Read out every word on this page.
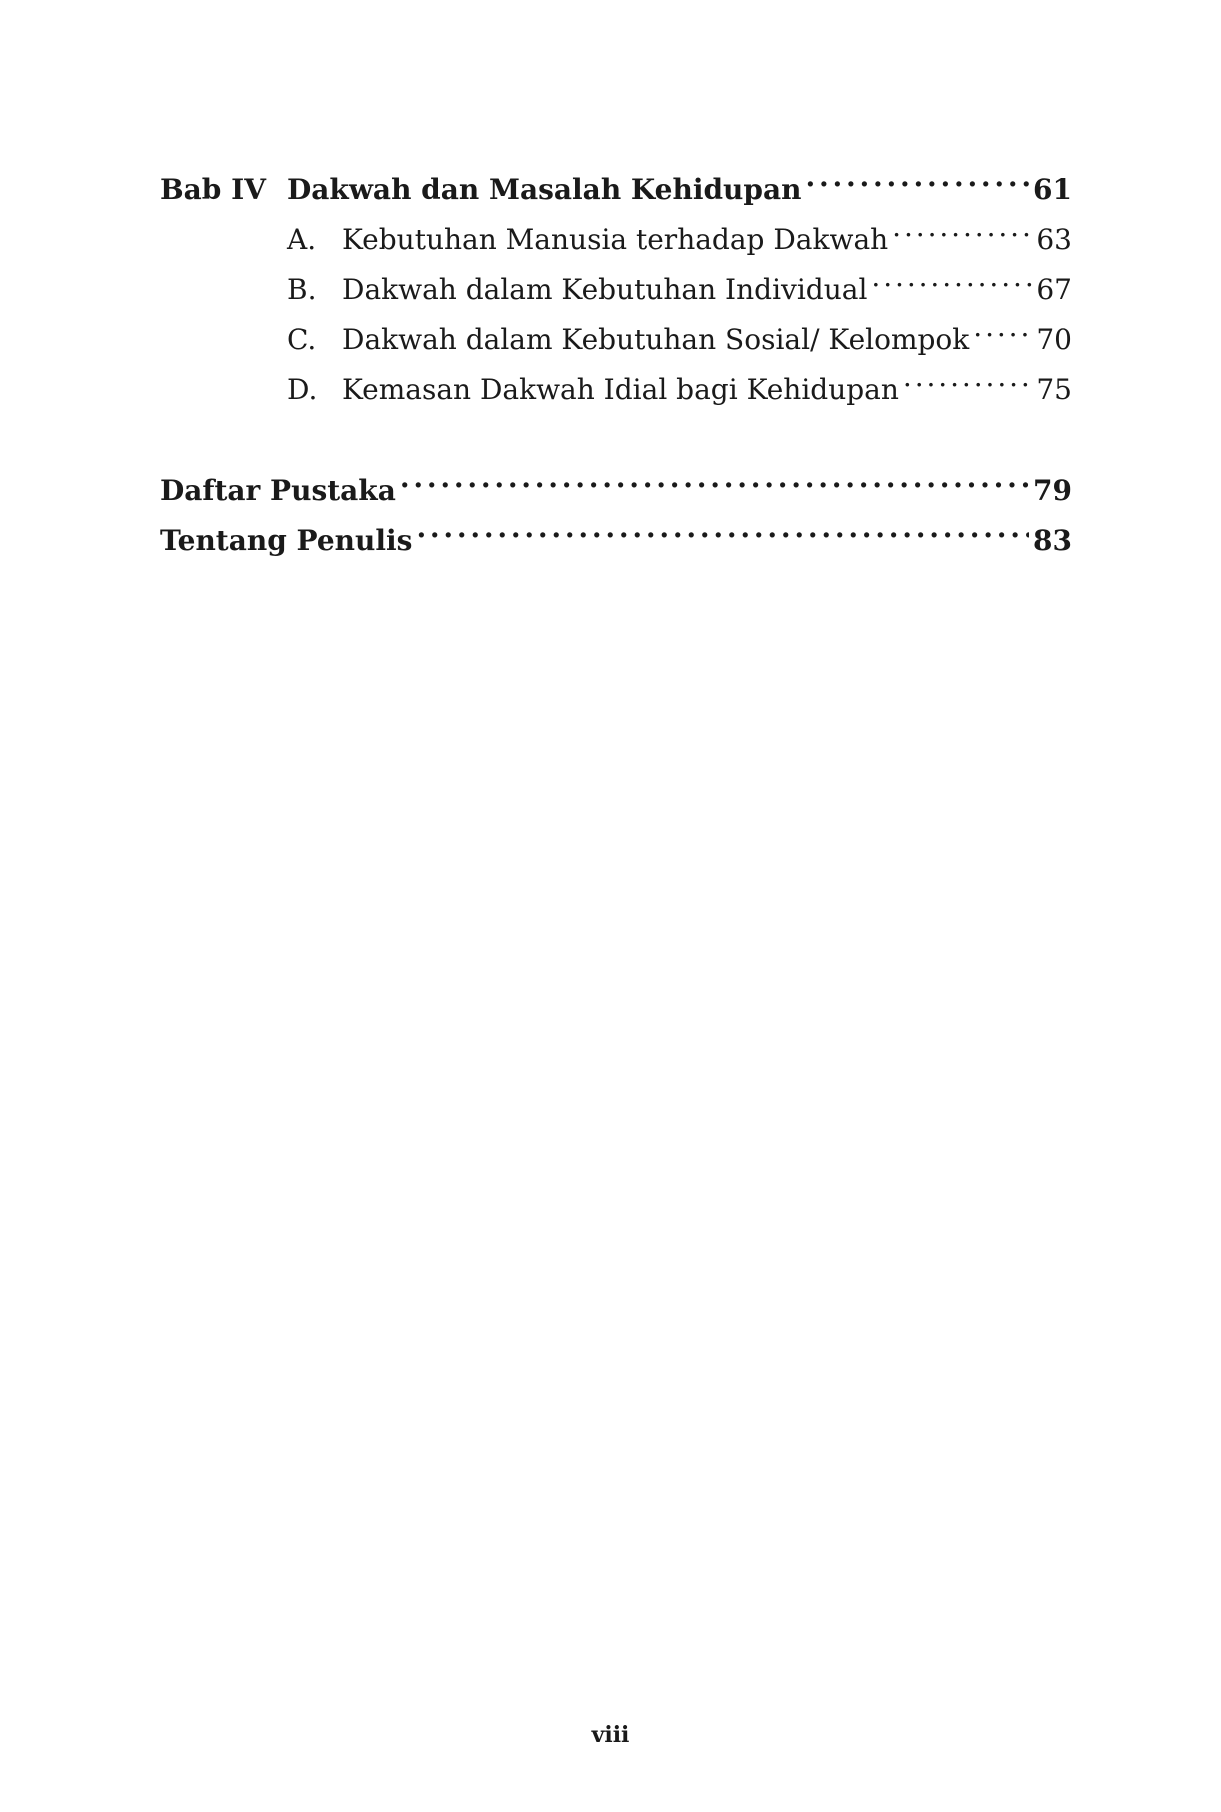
Bab IV Dakwah dan Masalah Kehidupan . . .	61
A. Kebutuhan Manusia terhadap Dakwah . . .	63
B. Dakwah dalam Kebutuhan Individual . . .	67
C. Dakwah dalam Kebutuhan Sosial/ Kelompok . . . 70
D. Kemasan Dakwah Idial bagi Kehidupan . . .	75
Daftar Pustaka . . .	79
Tentang Penulis . . .	83
viii
